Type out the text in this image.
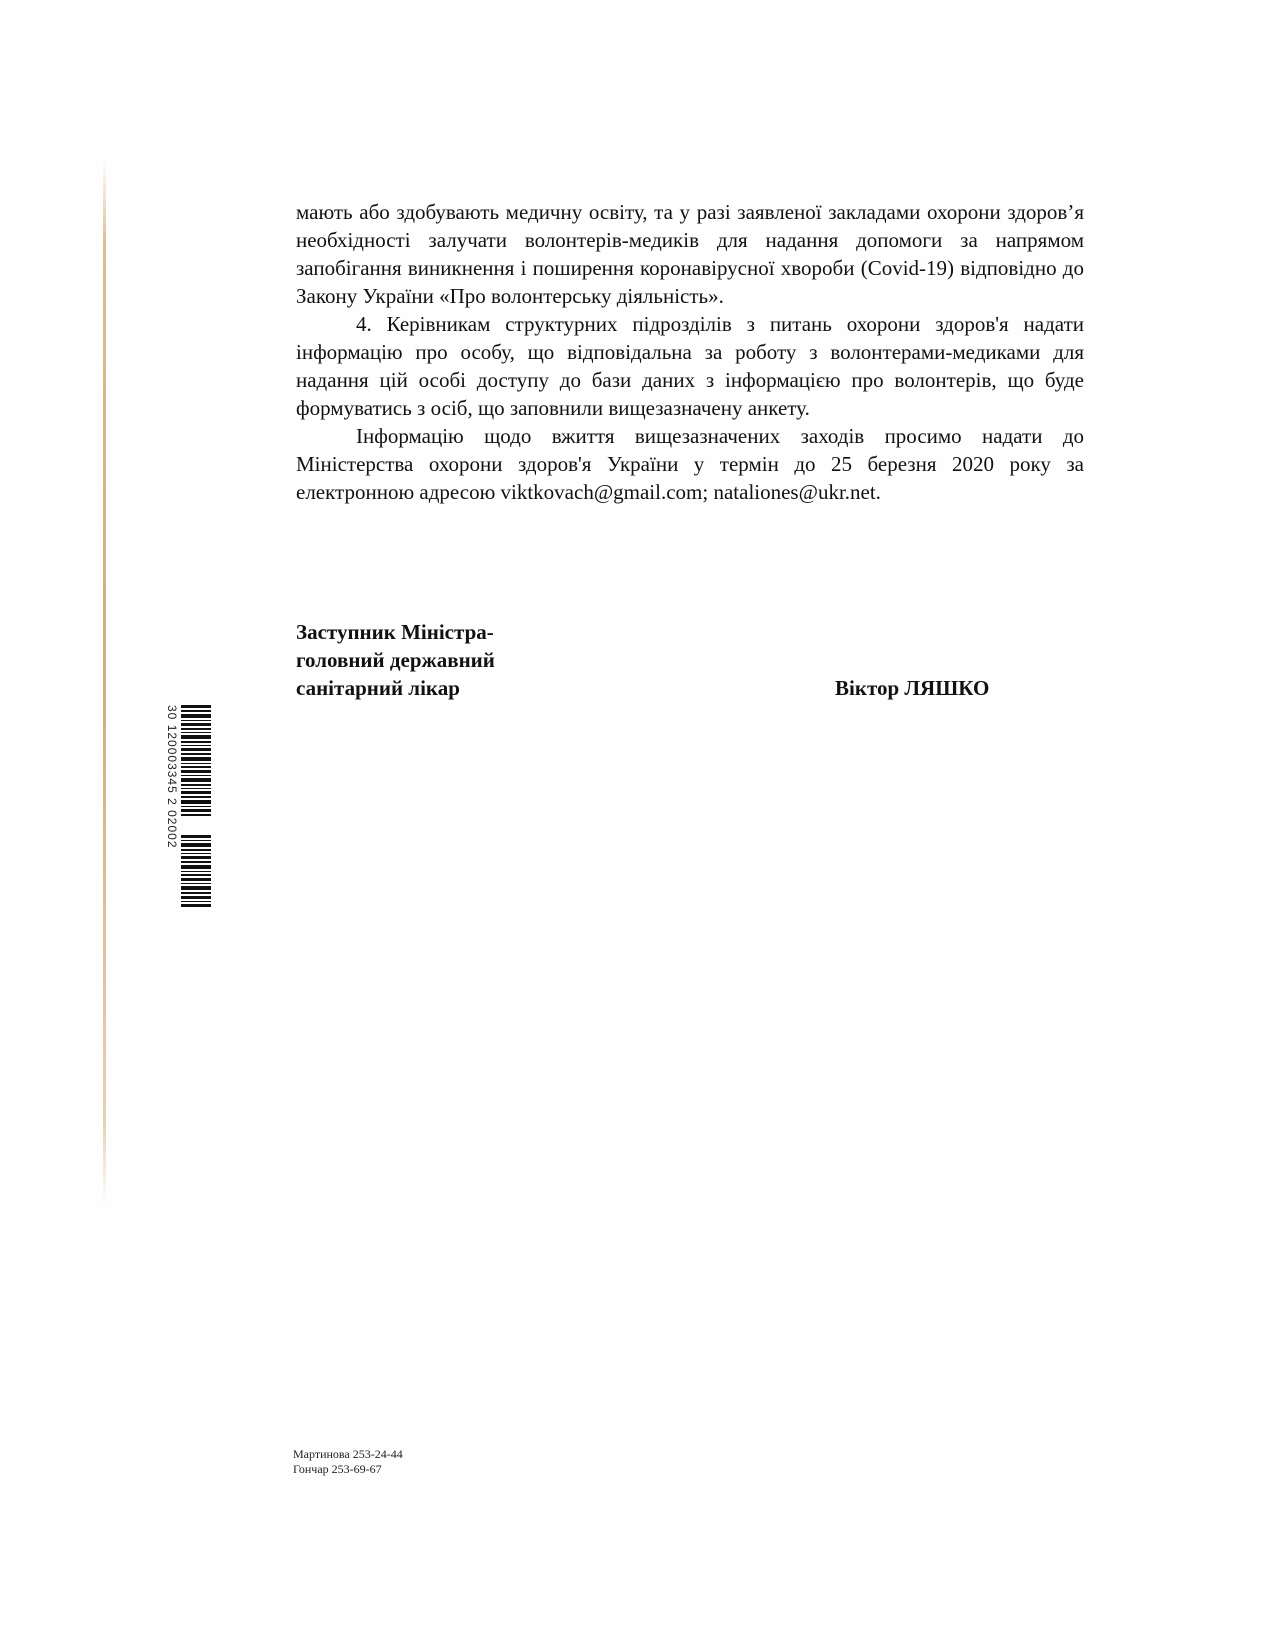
мають або здобувають медичну освіту, та у разі заявленої закладами охорони здоров’я необхідності залучати волонтерів-медиків для надання допомоги за напрямом запобігання виникнення і поширення коронавірусної хвороби (Covid-19) відповідно до Закону України «Про волонтерську діяльність».

4. Керівникам структурних підрозділів з питань охорони здоров'я надати інформацію про особу, що відповідальна за роботу з волонтерами-медиками для надання цій особі доступу до бази даних з інформацією про волонтерів, що буде формуватись з осіб, що заповнили вищезазначену анкету.

Інформацію щодо вжиття вищезазначених заходів просимо надати до Міністерства охорони здоров'я України у термін до 25 березня 2020 року за електронною адресою viktkovach@gmail.com; nataliones@ukr.net.

Заступник Міністра-
головний державний
санітарний лікар	Віктор ЛЯШКО
30 120003345 2 02002
Мартинова 253-24-44
Гончар 253-69-67
